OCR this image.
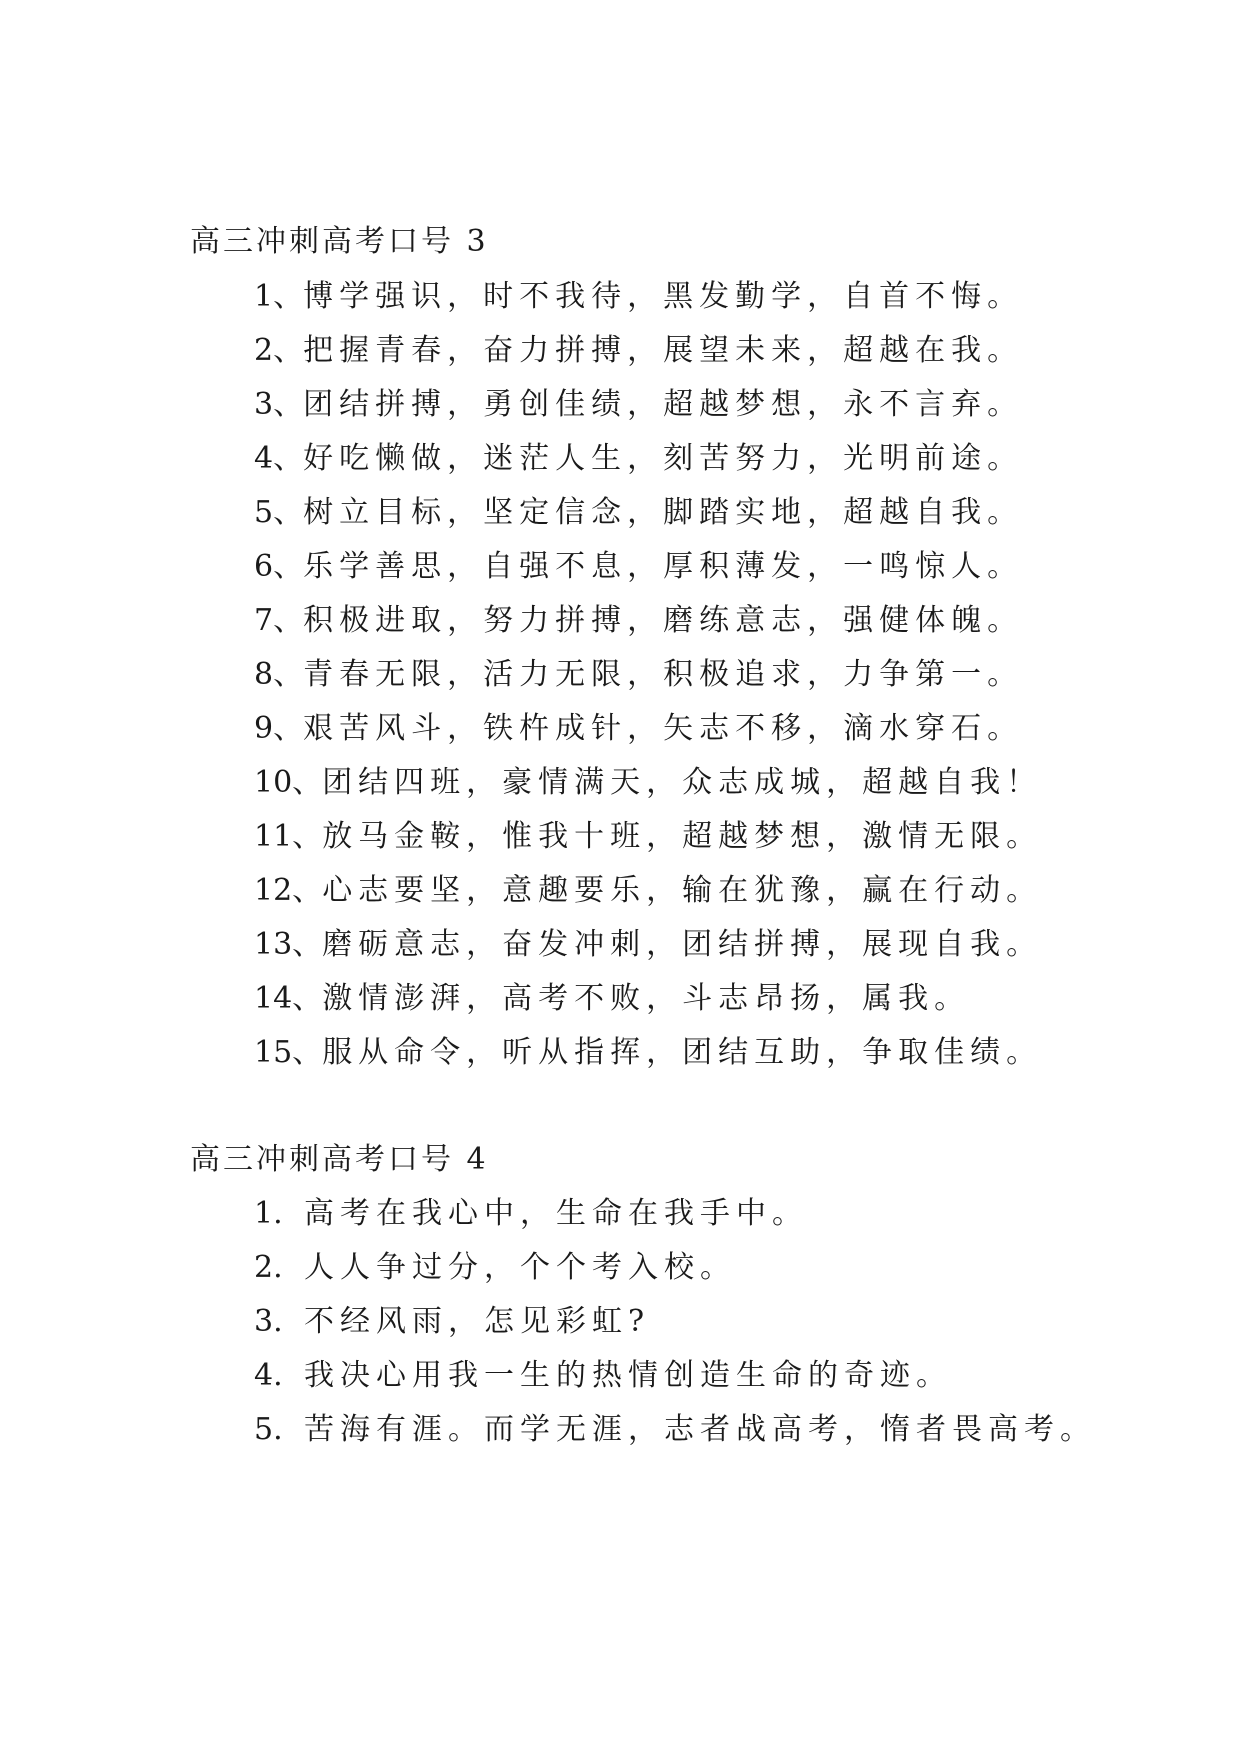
高三冲刺高考口号 3
1、博学强识，时不我待，黑发勤学，自首不悔。
2、把握青春，奋力拼搏，展望未来，超越在我。
3、团结拼搏，勇创佳绩，超越梦想，永不言弃。
4、好吃懒做，迷茫人生，刻苦努力，光明前途。
5、树立目标，坚定信念，脚踏实地，超越自我。
6、乐学善思，自强不息，厚积薄发，一鸣惊人。
7、积极进取，努力拼搏，磨练意志，强健体魄。
8、青春无限，活力无限，积极追求，力争第一。
9、艰苦风斗，铁杵成针，矢志不移，滴水穿石。
10、团结四班，豪情满天，众志成城，超越自我！
11、放马金鞍，惟我十班，超越梦想，激情无限。
12、心志要坚，意趣要乐，输在犹豫，赢在行动。
13、磨砺意志，奋发冲刺，团结拼搏，展现自我。
14、激情澎湃，高考不败，斗志昂扬，属我。
15、服从命令，听从指挥，团结互助，争取佳绩。
高三冲刺高考口号 4
1. 高考在我心中，生命在我手中。
2. 人人争过分，个个考入校。
3. 不经风雨，怎见彩虹?
4. 我决心用我一生的热情创造生命的奇迹。
5. 苦海有涯。而学无涯，志者战高考，惰者畏高考。
